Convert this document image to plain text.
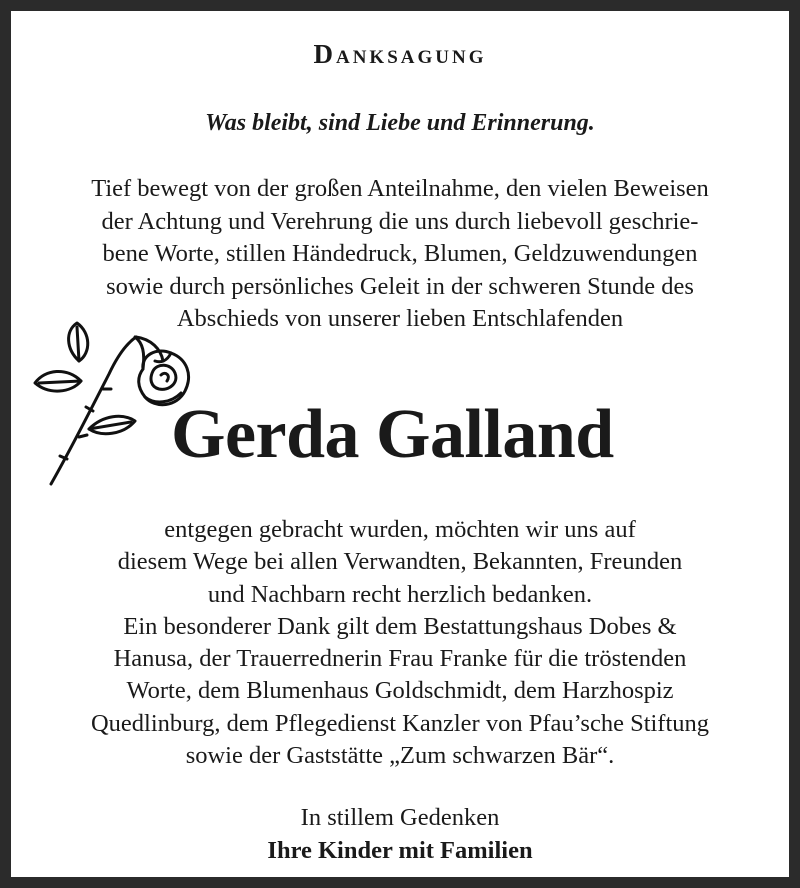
Danksagung
Was bleibt, sind Liebe und Erinnerung.
Tief bewegt von der großen Anteilnahme, den vielen Beweisen
der Achtung und Verehrung die uns durch liebevoll geschrie-
bene Worte, stillen Händedruck, Blumen, Geldzuwendungen
sowie durch persönliches Geleit in der schweren Stunde des
Abschieds von unserer lieben Entschlafenden
Gerda Galland
entgegen gebracht wurden, möchten wir uns auf
diesem Wege bei allen Verwandten, Bekannten, Freunden
und Nachbarn recht herzlich bedanken.
Ein besonderer Dank gilt dem Bestattungshaus Dobes &
Hanusa, der Trauerrednerin Frau Franke für die tröstenden
Worte, dem Blumenhaus Goldschmidt, dem Harzhospiz
Quedlinburg, dem Pflegedienst Kanzler von Pfau’sche Stiftung
sowie der Gaststätte „Zum schwarzen Bär“.
In stillem Gedenken
Ihre Kinder mit Familien
